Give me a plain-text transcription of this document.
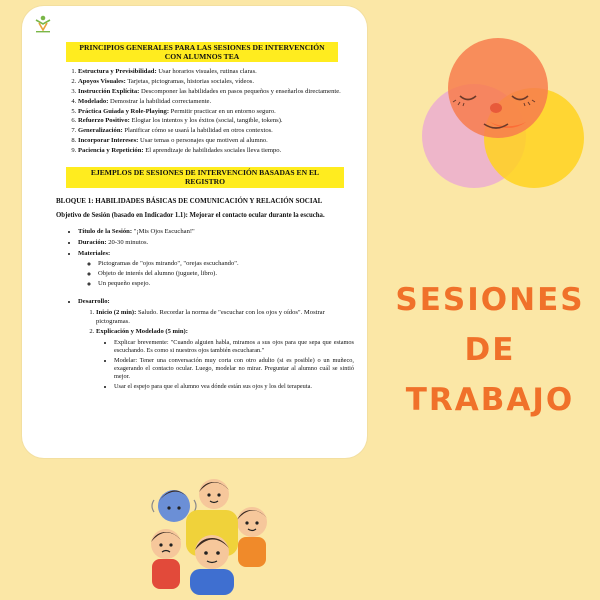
PRINCIPIOS GENERALES PARA LAS SESIONES DE INTERVENCIÓN CON ALUMNOS TEA
1. Estructura y Previsibilidad: Usar horarios visuales, rutinas claras.
2. Apoyos Visuales: Tarjetas, pictogramas, historias sociales, vídeos.
3. Instrucción Explícita: Descomponer las habilidades en pasos pequeños y enseñarlos directamente.
4. Modelado: Demostrar la habilidad correctamente.
5. Práctica Guiada y Role-Playing: Permitir practicar en un entorno seguro.
6. Refuerzo Positivo: Elogiar los intentos y los éxitos (social, tangible, tokens).
7. Generalización: Planificar cómo se usará la habilidad en otros contextos.
8. Incorporar Intereses: Usar temas o personajes que motiven al alumno.
9. Paciencia y Repetición: El aprendizaje de habilidades sociales lleva tiempo.
EJEMPLOS DE SESIONES DE INTERVENCIÓN BASADAS EN EL REGISTRO
BLOQUE 1: HABILIDADES BÁSICAS DE COMUNICACIÓN Y RELACIÓN SOCIAL
Objetivo de Sesión (basado en Indicador 1.1): Mejorar el contacto ocular durante la escucha.
• Título de la Sesión: "¡Mis Ojos Escuchan!"
• Duración: 20-30 minutos.
• Materiales:
◦ Pictogramas de "ojos mirando", "orejas escuchando".
◦ Objeto de interés del alumno (juguete, libro).
◦ Un pequeño espejo.
• Desarrollo:
1. Inicio (2 min): Saludo. Recordar la norma de "escuchar con los ojos y oídos". Mostrar pictogramas.
2. Explicación y Modelado (5 min):
• Explicar brevemente: "Cuando alguien habla, miramos a sus ojos para que sepa que estamos escuchando. Es como si nuestros ojos también escucharan."
• Modelar: Tener una conversación muy corta con otro adulto (si es posible) o un muñeco, exagerando el contacto ocular. Luego, modelar no mirar. Preguntar al alumno cuál se sintió mejor.
• Usar el espejo para que el alumno vea dónde están sus ojos y los del terapeuta.
SESIONES
DE
TRABAJO
